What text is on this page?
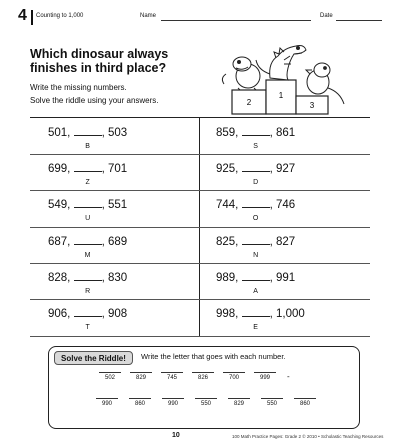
4 Counting to 1,000	Name	Date
Which dinosaur always finishes in third place?
Write the missing numbers.
Solve the riddle using your answers.	2
1
3
501,	, 503
B
859,	, 861
S
699,	, 701
Z
925,	, 927
D
549,	, 551
U
744,	, 746
O
687,	, 689
M
825,	, 827
N
828,	, 830
R
989,	, 991
A
906,	, 908
T
998,	, 1,000
E
Solve the Riddle!	Write the letter that goes with each number.
502	829	745	826	700	999
990	860	990	550	829	550	860
-
10	100 Math Practice Pages: Grade 2 © 2010 • Scholastic Teaching Resources
